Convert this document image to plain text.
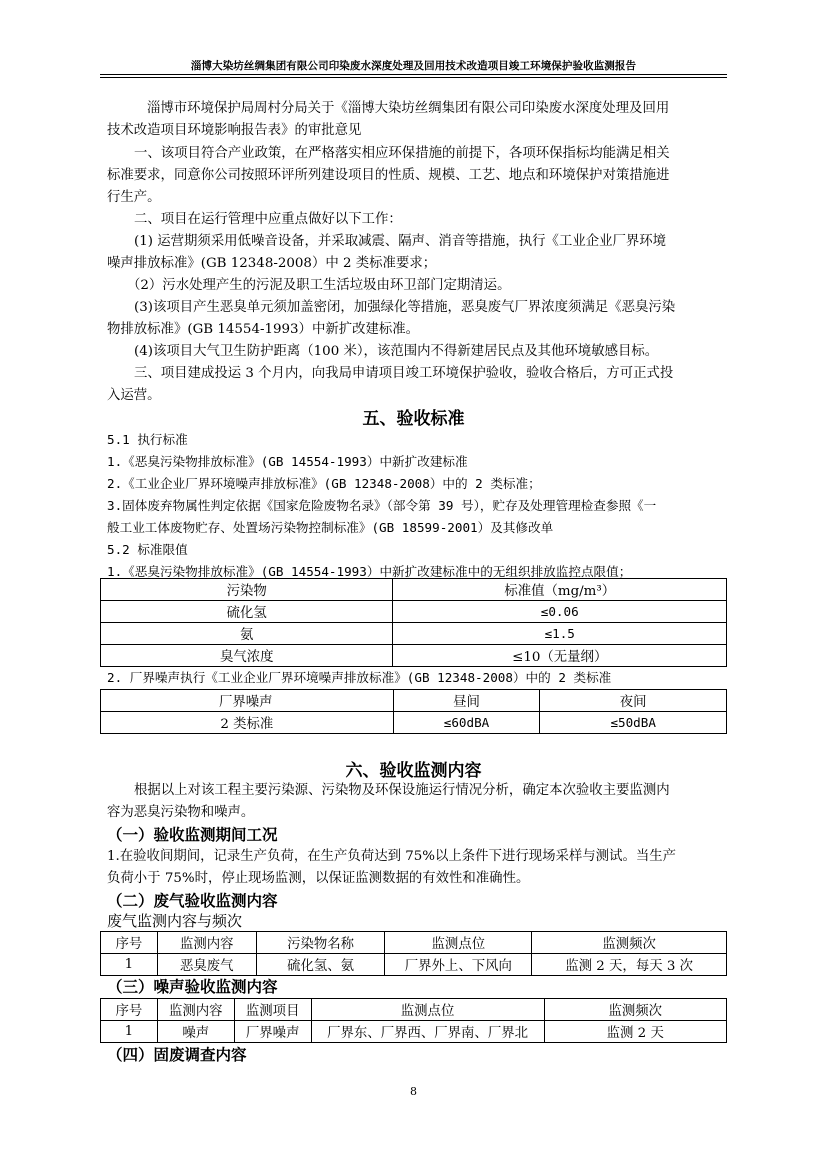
淄博大染坊丝绸集团有限公司印染废水深度处理及回用技术改造项目竣工环境保护验收监测报告
淄博市环境保护局周村分局关于《淄博大染坊丝绸集团有限公司印染废水深度处理及回用
技术改造项目环境影响报告表》的审批意见
一、该项目符合产业政策，在严格落实相应环保措施的前提下，各项环保指标均能满足相关
标准要求，同意你公司按照环评所列建设项目的性质、规模、工艺、地点和环境保护对策措施进
行生产。
二、项目在运行管理中应重点做好以下工作：
(1) 运营期须采用低噪音设备，并采取减震、隔声、消音等措施，执行《工业企业厂界环境
噪声排放标准》(GB 12348-2008）中 2 类标准要求；
（2）污水处理产生的污泥及职工生活垃圾由环卫部门定期清运。
(3)该项目产生恶臭单元须加盖密闭，加强绿化等措施，恶臭废气厂界浓度须满足《恶臭污染
物排放标准》(GB 14554-1993）中新扩改建标准。
(4)该项目大气卫生防护距离（100 米），该范围内不得新建居民点及其他环境敏感目标。
三、项目建成投运 3 个月内，向我局申请项目竣工环境保护验收，验收合格后，方可正式投
入运营。
五、验收标准
5.1 执行标准
1.《恶臭污染物排放标准》(GB 14554-1993）中新扩改建标准
2.《工业企业厂界环境噪声排放标准》(GB 12348-2008）中的 2 类标准；
3.固体废弃物属性判定依据《国家危险废物名录》（部令第 39 号），贮存及处理管理检查参照《一
般工业工体废物贮存、处置场污染物控制标准》(GB 18599-2001）及其修改单
5.2 标准限值
1.《恶臭污染物排放标准》(GB 14554-1993）中新扩改建标准中的无组织排放监控点限值；
污染物	标准值（mg/m³）
硫化氢	≤0.06
氨	≤1.5
臭气浓度	≤10（无量纲）
2. 厂界噪声执行《工业企业厂界环境噪声排放标准》(GB 12348-2008）中的 2 类标准
厂界噪声	昼间	夜间
2 类标准	≤60dBA	≤50dBA
六、验收监测内容
根据以上对该工程主要污染源、污染物及环保设施运行情况分析，确定本次验收主要监测内
容为恶臭污染物和噪声。
（一）验收监测期间工况
1.在验收间期间，记录生产负荷，在生产负荷达到 75%以上条件下进行现场采样与测试。当生产
负荷小于 75%时，停止现场监测，以保证监测数据的有效性和准确性。
（二）废气验收监测内容
废气监测内容与频次
序号	监测内容	污染物名称	监测点位	监测频次
1	恶臭废气	硫化氢、氨	厂界外上、下风向	监测 2 天，每天 3 次
（三）噪声验收监测内容
序号	监测内容	监测项目	监测点位	监测频次
1	噪声	厂界噪声	厂界东、厂界西、厂界南、厂界北	监测 2 天
（四）固废调查内容
8
